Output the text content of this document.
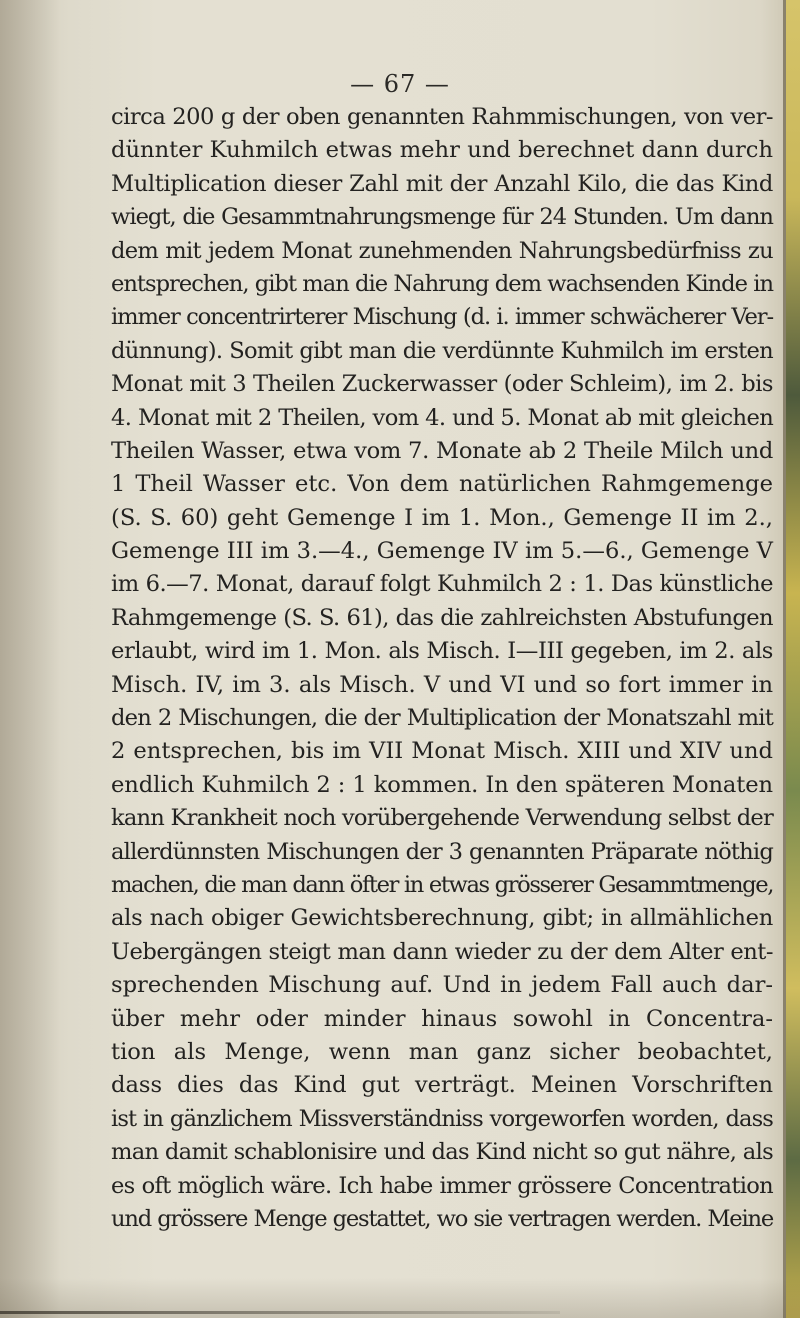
— 67 —
circa 200 g der oben genannten Rahmmischungen, von ver-
dünnter Kuhmilch etwas mehr und berechnet dann durch
Multiplication dieser Zahl mit der Anzahl Kilo, die das Kind
wiegt, die Gesammtnahrungsmenge für 24 Stunden. Um dann
dem mit jedem Monat zunehmenden Nahrungsbedürfniss zu
entsprechen, gibt man die Nahrung dem wachsenden Kinde in
immer concentrirterer Mischung (d. i. immer schwächerer Ver-
dünnung). Somit gibt man die verdünnte Kuhmilch im ersten
Monat mit 3 Theilen Zuckerwasser (oder Schleim), im 2. bis
4. Monat mit 2 Theilen, vom 4. und 5. Monat ab mit gleichen
Theilen Wasser, etwa vom 7. Monate ab 2 Theile Milch und
1 Theil Wasser etc. Von dem natürlichen Rahmgemenge
(S. S. 60) geht Gemenge I im 1. Mon., Gemenge II im 2.,
Gemenge III im 3.—4., Gemenge IV im 5.—6., Gemenge V
im 6.—7. Monat, darauf folgt Kuhmilch 2 : 1. Das künstliche
Rahmgemenge (S. S. 61), das die zahlreichsten Abstufungen
erlaubt, wird im 1. Mon. als Misch. I—III gegeben, im 2. als
Misch. IV, im 3. als Misch. V und VI und so fort immer in
den 2 Mischungen, die der Multiplication der Monatszahl mit
2 entsprechen, bis im VII Monat Misch. XIII und XIV und
endlich Kuhmilch 2 : 1 kommen. In den späteren Monaten
kann Krankheit noch vorübergehende Verwendung selbst der
allerdünnsten Mischungen der 3 genannten Präparate nöthig
machen, die man dann öfter in etwas grösserer Gesammtmenge,
als nach obiger Gewichtsberechnung, gibt; in allmählichen
Uebergängen steigt man dann wieder zu der dem Alter ent-
sprechenden Mischung auf. Und in jedem Fall auch dar-
über mehr oder minder hinaus sowohl in Concentra-
tion als Menge, wenn man ganz sicher beobachtet,
dass dies das Kind gut verträgt. Meinen Vorschriften
ist in gänzlichem Missverständniss vorgeworfen worden, dass
man damit schablonisire und das Kind nicht so gut nähre, als
es oft möglich wäre. Ich habe immer grössere Concentration
und grössere Menge gestattet, wo sie vertragen werden. Meine
